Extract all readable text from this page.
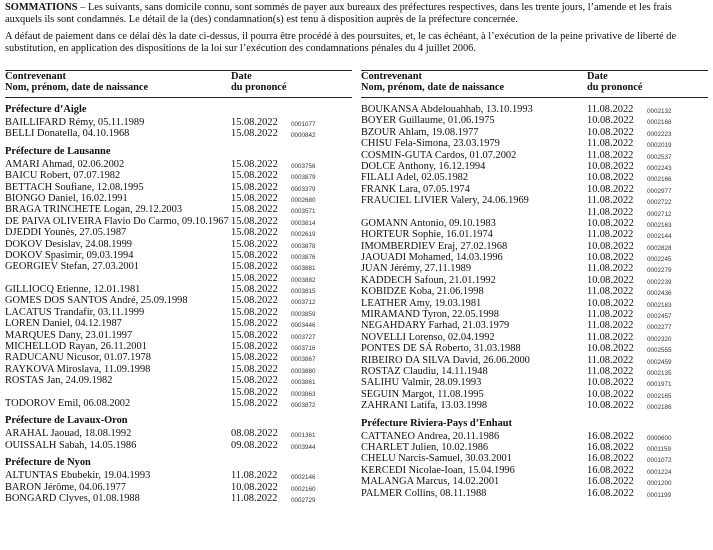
SOMMATIONS – Les suivants, sans domicile connu, sont sommés de payer aux bureaux des préfectures respectives, dans les trente jours, l’amende et les frais auxquels ils sont condamnés. Le détail de la (des) condamnation(s) est tenu à disposition auprès de la préfecture concernée.

A défaut de paiement dans ce délai dès la date ci-dessus, il pourra être procédé à des poursuites, et, le cas échéant, à l’exécution de la peine privative de liberté de substitution, en application des dispositions de la loi sur l’exécution des condamnations pénales du 4 juillet 2006.

Contrevenant
Nom, prénom, date de naissance
Date
du prononcé
Préfecture d’Aigle
BAILLIFARD Rémy, 05.11.1989	15.08.2022	0001077
BELLI Donatella, 04.10.1968	15.08.2022	0000842
Préfecture de Lausanne
AMARI Ahmad, 02.06.2002	15.08.2022	0003756
BAICU Robert, 07.07.1982	15.08.2022	0003879
BETTACH Soufiane, 12.08.1995	15.08.2022	0003379
BIONGO Daniel, 16.02.1991	15.08.2022	0002680
BRAGA TRINCHETE Logan, 29.12.2003	15.08.2022	0003571
DE PAIVA OLIVEIRA Flavio Do Carmo, 09.10.1967 15.08.2022	0003814
DJEDDI Younès, 27.05.1987	15.08.2022	0002619
DOKOV Desislav, 24.08.1999	15.08.2022	0003878
DOKOV Spasimir, 09.03.1994	15.08.2022	0003876
GEORGIEV Stefan, 27.03.2001	15.08.2022	0003881
15.08.2022	0003882
GILLIOCQ Etienne, 12.01.1981	15.08.2022	0003815
GOMES DOS SANTOS André, 25.09.1998	15.08.2022	0003712
LACATUS Trandafir, 03.11.1999	15.08.2022	0003859
LOREN Daniel, 04.12.1987	15.08.2022	0003446
MARQUES Dany, 23.01.1997	15.08.2022	0003727
MICHELLOD Rayan, 26.11.2001	15.08.2022	0003716
RADUCANU Nicusor, 01.07.1978	15.08.2022	0003867
RAYKOVA Miroslava, 11.09.1998	15.08.2022	0003880
ROSTAS Jan, 24.09.1982	15.08.2022	0003861
15.08.2022	0003863
TODOROV Emil, 06.08.2002	15.08.2022	0003872
Préfecture de Lavaux-Oron
ARAHAL Jaouad, 18.08.1992	08.08.2022	0001361
OUISSALH Sabah, 14.05.1986	09.08.2022	0003944
Préfecture de Nyon
ALTUNTAS Ebubekir, 19.04.1993	11.08.2022	0002146
BARON Jérôme, 04.06.1977	10.08.2022	0002160
BONGARD Clyves, 01.08.1988	11.08.2022	0002729
Contrevenant
Nom, prénom, date de naissance
Date
du prononcé
BOUKANSA Abdelouahhab, 13.10.1993	11.08.2022	0002132
BOYER Guillaume, 01.06.1975	10.08.2022	0002168
BZOUR Ahlam, 19.08.1977	10.08.2022	0002223
CHISU Fela-Simona, 23.03.1979	11.08.2022	0002019
COSMIN-GUTA Cardos, 01.07.2002	11.08.2022	0002537
DOLCE Anthony, 16.12.1994	10.08.2022	0002243
FILALI Adel, 02.05.1982	10.08.2022	0002166
FRANK Lara, 07.05.1974	10.08.2022	0002977
FRAUCIEL LIVIER Valery, 24.06.1969	11.08.2022	0002722
11.08.2022	0002712
GOMANN Antonio, 09.10.1983	10.08.2022	0002163
HORTEUR Sophie, 16.01.1974	11.08.2022	0002144
IMOMBERDIEV Eraj, 27.02.1968	10.08.2022	0002828
JAOUADI Mohamed, 14.03.1996	10.08.2022	0002245
JUAN Jérémy, 27.11.1989	11.08.2022	0002279
KADDECH Safoun, 21.01.1992	10.08.2022	0002239
KOBIDZE Koba, 21.06.1998	11.08.2022	0002436
LEATHER Amy, 19.03.1981	10.08.2022	0002183
MIRAMAND Tyron, 22.05.1998	11.08.2022	0002457
NEGAHDARY Farhad, 21.03.1979	11.08.2022	0002277
NOVELLI Lorenso, 02.04.1992	11.08.2022	0002320
PONTES DE SÁ Roberto, 31.03.1988	10.08.2022	0002555
RIBEIRO DA SILVA David, 26.06.2000	11.08.2022	0002459
ROSTAZ Claudiu, 14.11.1948	11.08.2022	0002135
SALIHU Valmir, 28.09.1993	10.08.2022	0001971
SEGUIN Margot, 11.08.1995	10.08.2022	0002165
ZAHRANI Latifa, 13.03.1998	10.08.2022	0002186
Préfecture Riviera-Pays d’Enhaut
CATTANEO Andrea, 20.11.1986	16.08.2022	0000600
CHARLET Julien, 10.02.1986	16.08.2022	0001159
CHELU Narcis-Samuel, 30.03.2001	16.08.2022	0001072
KERCEDI Nicolae-Ioan, 15.04.1996	16.08.2022	0001224
MALANGA Marcus, 14.02.2001	16.08.2022	0001200
PALMER Collins, 08.11.1988	16.08.2022	0001199
